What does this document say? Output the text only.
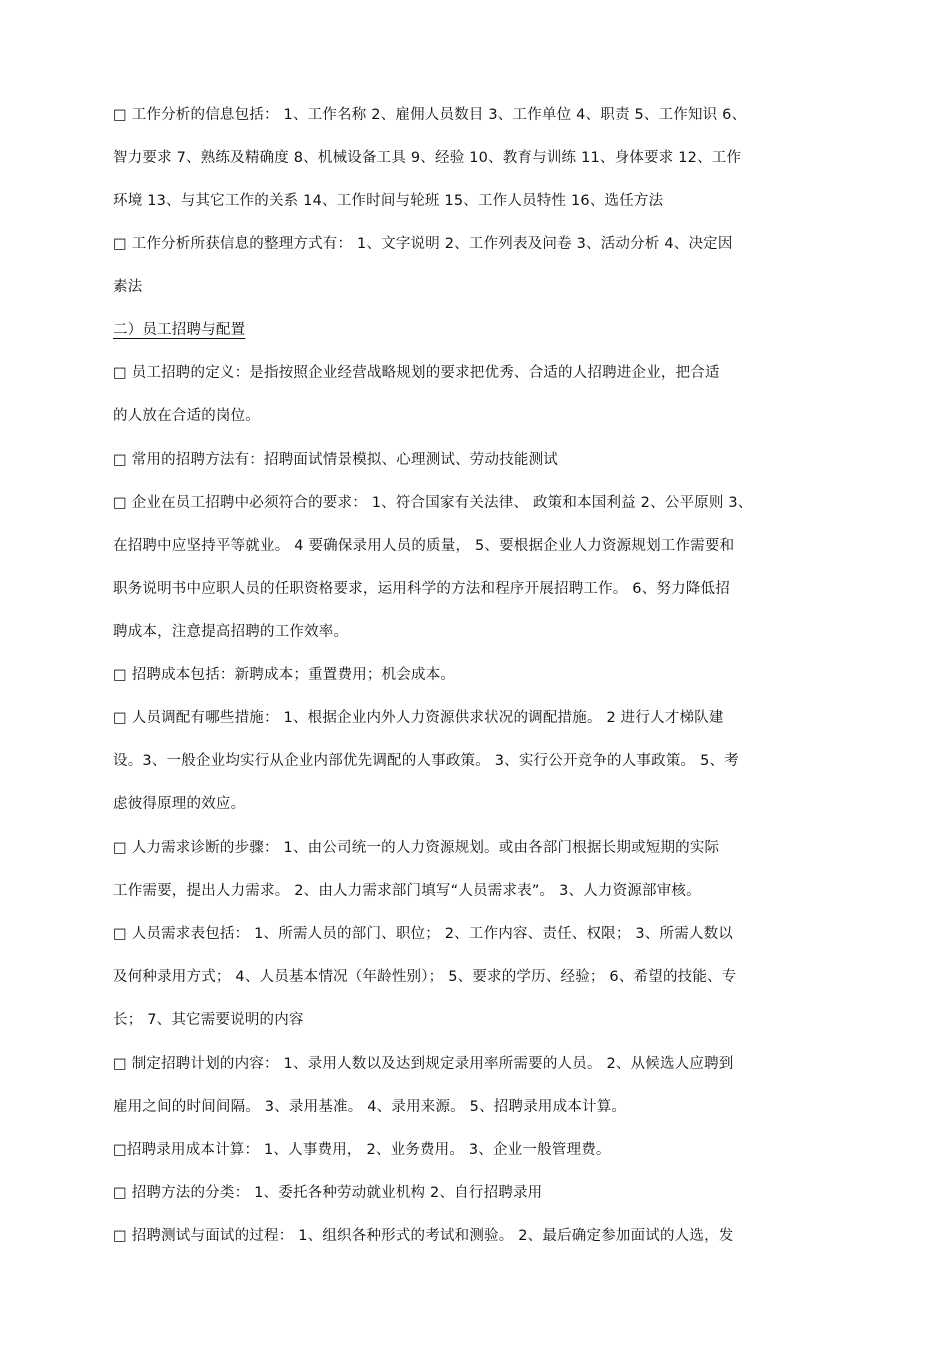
□ 工作分析的信息包括： 1、工作名称 2、雇佣人员数目 3、工作单位 4、职责 5、工作知识 6、
智力要求 7、熟练及精确度 8、机械设备工具 9、经验 10、教育与训练 11、身体要求 12、工作
环境 13、与其它工作的关系 14、工作时间与轮班 15、工作人员特性 16、选任方法
□ 工作分析所获信息的整理方式有： 1、文字说明 2、工作列表及问卷 3、活动分析 4、决定因
素法
二）员工招聘与配置
□ 员工招聘的定义：是指按照企业经营战略规划的要求把优秀、合适的人招聘进企业，把合适
的人放在合适的岗位。
□ 常用的招聘方法有：招聘面试情景模拟、心理测试、劳动技能测试
□ 企业在员工招聘中必须符合的要求： 1、符合国家有关法律、 政策和本国利益 2、公平原则 3、
在招聘中应坚持平等就业。 4 要确保录用人员的质量， 5、要根据企业人力资源规划工作需要和
职务说明书中应职人员的任职资格要求，运用科学的方法和程序开展招聘工作。 6、努力降低招
聘成本，注意提高招聘的工作效率。
□ 招聘成本包括：新聘成本；重置费用；机会成本。
□ 人员调配有哪些措施： 1、根据企业内外人力资源供求状况的调配措施。 2 进行人才梯队建
设。3、一般企业均实行从企业内部优先调配的人事政策。 3、实行公开竞争的人事政策。 5、考
虑彼得原理的效应。
□ 人力需求诊断的步骤： 1、由公司统一的人力资源规划。或由各部门根据长期或短期的实际
工作需要，提出人力需求。 2、由人力需求部门填写“人员需求表”。 3、人力资源部审核。
□ 人员需求表包括： 1、所需人员的部门、职位； 2、工作内容、责任、权限； 3、所需人数以
及何种录用方式； 4、人员基本情况（年龄性别）； 5、要求的学历、经验； 6、希望的技能、专
长； 7、其它需要说明的内容
□ 制定招聘计划的内容： 1、录用人数以及达到规定录用率所需要的人员。 2、从候选人应聘到
雇用之间的时间间隔。 3、录用基准。 4、录用来源。 5、招聘录用成本计算。
□招聘录用成本计算： 1、人事费用， 2、业务费用。 3、企业一般管理费。
□ 招聘方法的分类： 1、委托各种劳动就业机构 2、自行招聘录用
□ 招聘测试与面试的过程： 1、组织各种形式的考试和测验。 2、最后确定参加面试的人选，发
